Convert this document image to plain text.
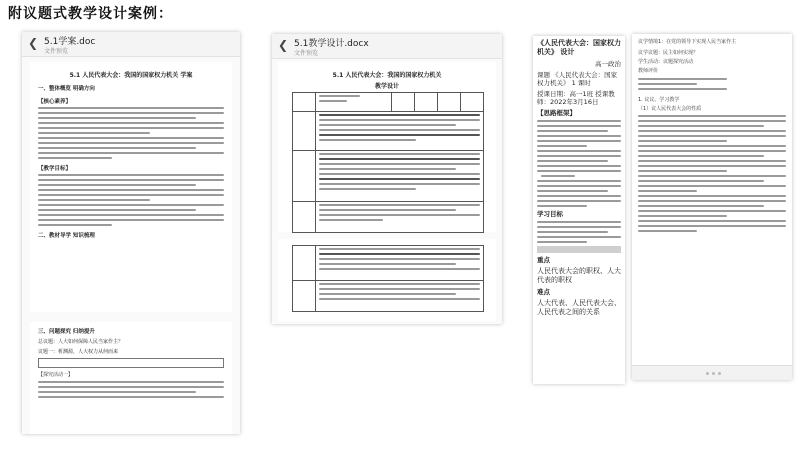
附议题式教学设计案例：
❮ 5.1学案.doc
文件预览
5.1 人民代表大会：我国的国家权力机关 学案
一、整体概览 明确方向
【核心素养】
【教学目标】
二、教材导学 知识梳理
三、问题探究 归纳提升
总议题：人大如何保障人民当家作主？
议题一：析渊源，人大权力从何而来
【探究活动一】
❮ 5.1教学设计.docx
文件预览
5.1 人民代表大会：我国的国家权力机关
教学设计
《人民代表大会：国家权力机关》 设计
高一政治
课题 《人民代表大会：国家权力机关》 1 课时
授课日期：高一1班 授课教师：2022年3月16日
【思路框架】
学习目标
重点
人民代表大会的职权、人大代表的职权
难点
人大代表、人民代表大会、人民代表之间的关系
议学情境1：在党的领导下实现人民当家作主
议学议题：民主如何实现？
学生活动：议题探究活动
教师评价
1. 议议、学习教学
（1）议人民代表大会的性质
